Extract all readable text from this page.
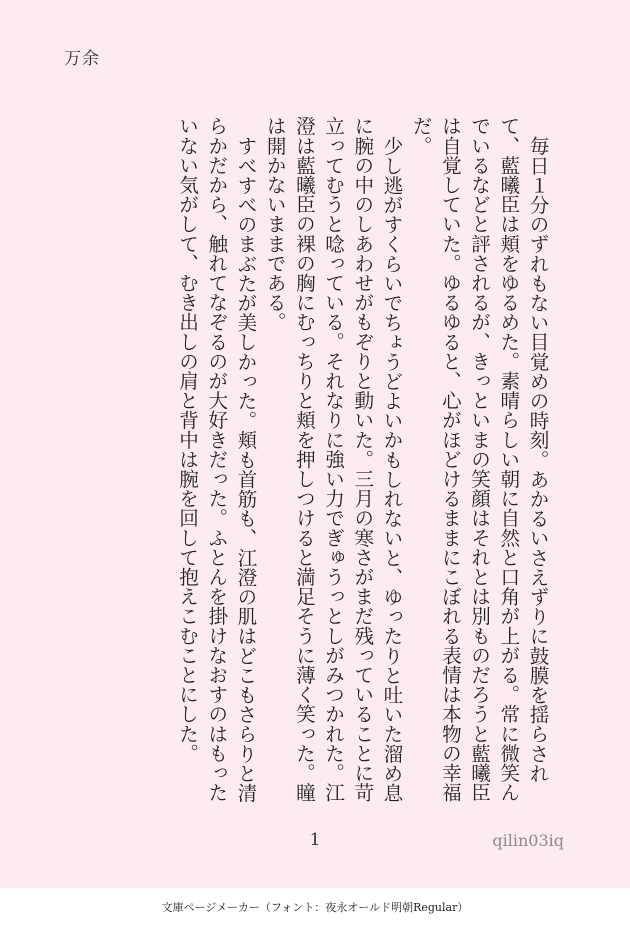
万余

毎日１分のずれもない目覚めの時刻。あかるいさえずりに鼓膜を揺らされて、藍曦臣は頬をゆるめた。素晴らしい朝に自然と口角が上がる。常に微笑んでいるなどと評されるが、きっといまの笑顔はそれとは別ものだろうと藍曦臣は自覚していた。ゆるゆると、心がほどけるままにこぼれる表情は本物の幸福だ。

少し逃がすくらいでちょうどよいかもしれないと、ゆったりと吐いた溜め息に腕の中のしあわせがもぞりと動いた。三月の寒さがまだ残っていることに苛立ってむうと唸っている。それなりに強い力でぎゅうっとしがみつかれた。江澄は藍曦臣の裸の胸にむっちりと頬を押しつけると満足そうに薄く笑った。瞳は開かないままである。

すべすべのまぶたが美しかった。頬も首筋も、江澄の肌はどこもさらりと清らかだから、触れてなぞるのが大好きだった。ふとんを掛けなおすのはもったいない気がして、むき出しの肩と背中は腕を回して抱えこむことにした。

1	qilin03iq
文庫ページメーカー（フォント：夜永オールド明朝Regular）
